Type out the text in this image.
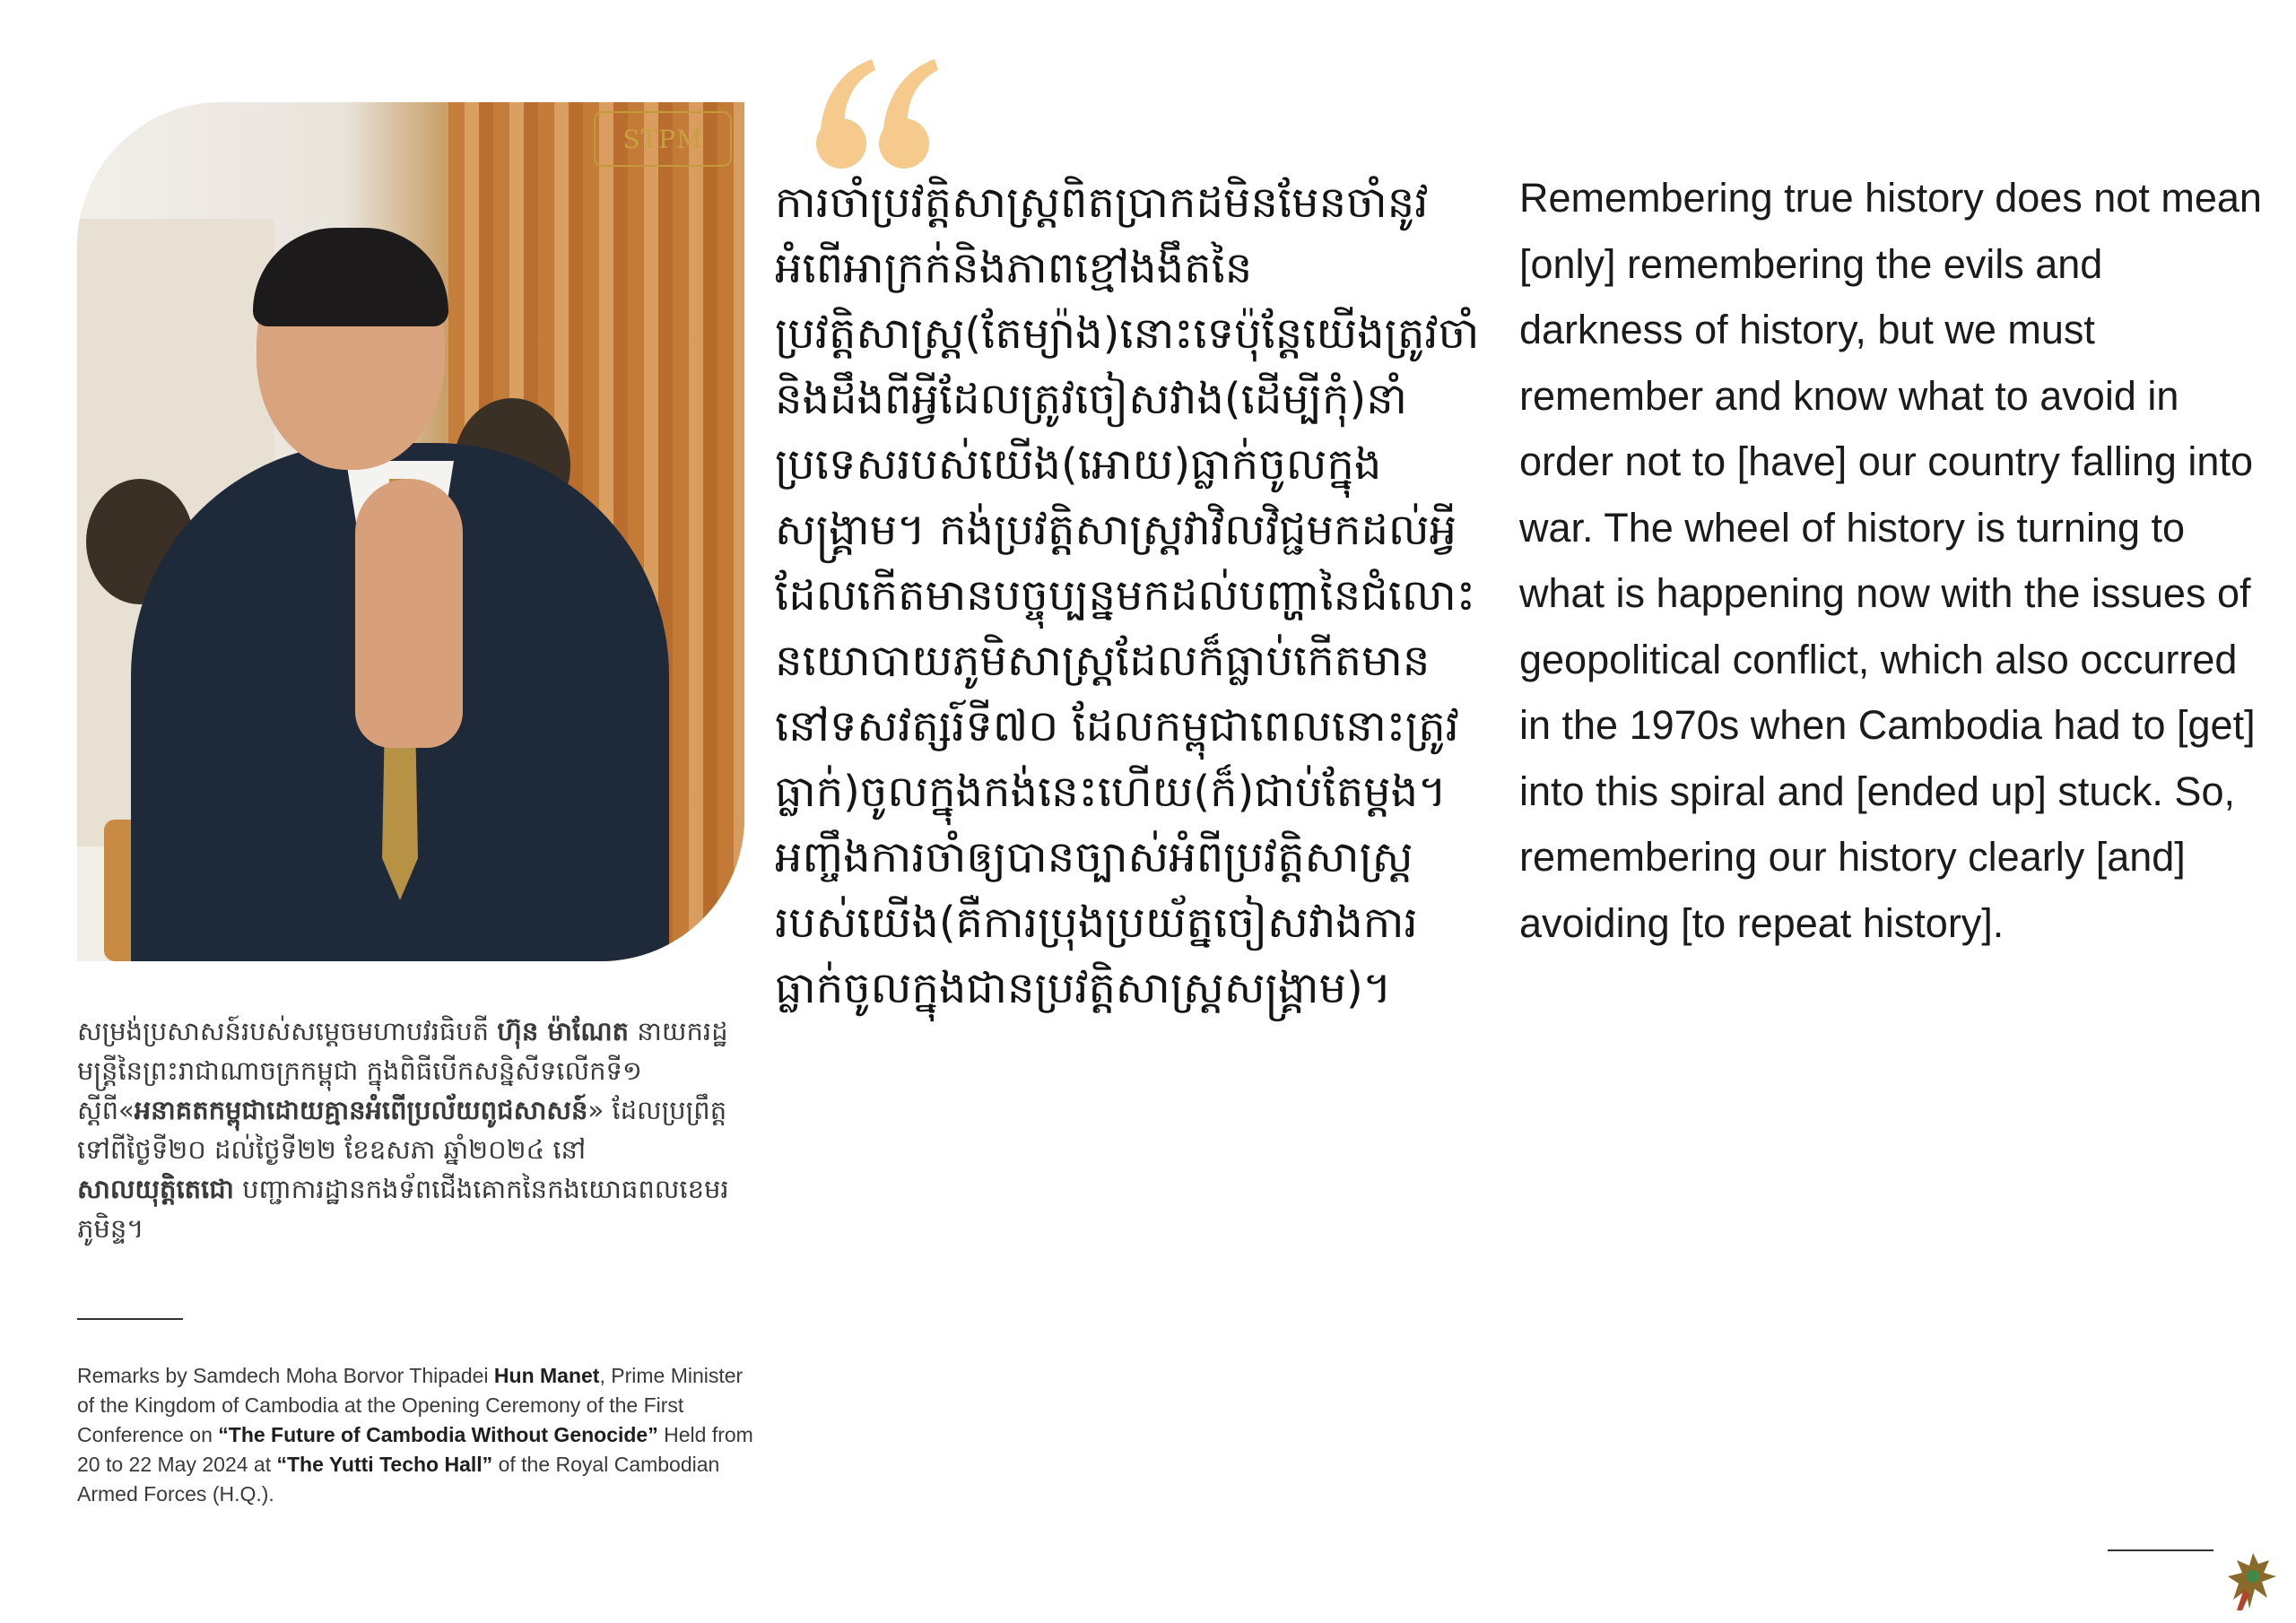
STPM

សម្រង់ប្រសាសន៍របស់សម្តេចមហាបវរធិបតី ហ៊ុន ម៉ាណែត នាយករដ្ឋមន្ត្រីនៃព្រះរាជាណាចក្រកម្ពុជា ក្នុងពិធីបើកសន្និសីទលើកទី១ ស្តីពី«អនាគតកម្ពុជាដោយគ្មានអំពើប្រល័យពូជសាសន៍» ដែលប្រព្រឹត្តទៅពីថ្ងៃទី២០ ដល់ថ្ងៃទី២២ ខែឧសភា ឆ្នាំ២០២៤ នៅ សាលយុត្តិតេជោ បញ្ជាការដ្ឋានកងទ័ពជើងគោកនៃកងយោធពលខេមរភូមិន្ទ។

Remarks by Samdech Moha Borvor Thipadei Hun Manet, Prime Minister of the Kingdom of Cambodia at the Opening Ceremony of the First Conference on “The Future of Cambodia Without Genocide” Held from 20 to 22 May 2024 at “The Yutti Techo Hall” of the Royal Cambodian Armed Forces (H.Q.).

ការចាំប្រវត្តិសាស្ត្រពិតប្រាកដមិនមែនចាំនូវអំពើអាក្រក់និងភាពខ្មៅងងឹតនៃប្រវត្តិសាស្ត្រ(តែម្យ៉ាង)នោះទេប៉ុន្តែយើងត្រូវចាំនិងដឹងពីអ្វីដែលត្រូវចៀសវាង(ដើម្បីកុំ)នាំប្រទេសរបស់យើង(អោយ)ធ្លាក់ចូលក្នុងសង្គ្រាម។ កង់ប្រវត្តិសាស្ត្រវាវិលវិជ្ជមកដល់អ្វីដែលកើតមានបច្ចុប្បន្នមកដល់បញ្ហានៃជំលោះនយោបាយភូមិសាស្ត្រដែលក៏ធ្លាប់កើតមាននៅទសវត្សរ៍ទី៧០ ដែលកម្ពុជាពេលនោះត្រូវធ្លាក់)ចូលក្នុងកង់នេះហើយ(ក៏)ជាប់តែម្តង។ អញ្ចឹងការចាំឲ្យបានច្បាស់អំពីប្រវត្តិសាស្ត្ររបស់យើង(គឺការប្រុងប្រយ័ត្នចៀសវាងការធ្លាក់ចូលក្នុងជានប្រវត្តិសាស្ត្រសង្គ្រាម)។

Remembering true history does not mean [only] remembering the evils and darkness of history, but we must remember and know what to avoid in order not to [have] our country falling into war. The wheel of history is turning to what is happening now with the issues of geopolitical conflict, which also occurred in the 1970s when Cambodia had to [get] into this spiral and [ended up] stuck. So, remembering our history clearly [and] avoiding [to repeat history].
